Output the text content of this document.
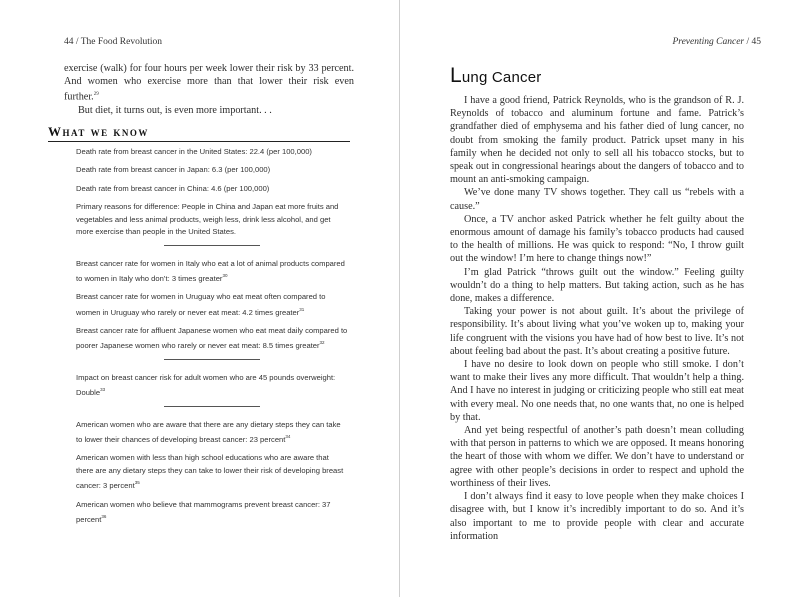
44 / The Food Revolution

exercise (walk) for four hours per week lower their risk by 33 percent. And women who exercise more than that lower their risk even further.$^{29}$

But diet, it turns out, is even more important. . .

What we know

Death rate from breast cancer in the United States: 22.4 (per 100,000)

Death rate from breast cancer in Japan: 6.3 (per 100,000)

Death rate from breast cancer in China: 4.6 (per 100,000)

Primary reasons for difference: People in China and Japan eat more fruits and vegetables and less animal products, weigh less, drink less alcohol, and get more exercise than people in the United States.

Breast cancer rate for women in Italy who eat a lot of animal products compared to women in Italy who don’t: 3 times greater$^{30}$

Breast cancer rate for women in Uruguay who eat meat often compared to women in Uruguay who rarely or never eat meat: 4.2 times greater$^{31}$

Breast cancer rate for affluent Japanese women who eat meat daily compared to poorer Japanese women who rarely or never eat meat: 8.5 times greater$^{32}$

Impact on breast cancer risk for adult women who are 45 pounds overweight: Double$^{33}$

American women who are aware that there are any dietary steps they can take to lower their chances of developing breast cancer: 23 percent$^{34}$

American women with less than high school educations who are aware that there are any dietary steps they can take to lower their risk of developing breast cancer: 3 percent$^{35}$

American women who believe that mammograms prevent breast cancer: 37 percent$^{36}$

Preventing Cancer / 45
Lung Cancer

I have a good friend, Patrick Reynolds, who is the grandson of R. J. Reynolds of tobacco and aluminum fortune and fame. Patrick’s grandfather died of emphysema and his father died of lung cancer, no doubt from smoking the family product. Patrick upset many in his family when he decided not only to sell all his tobacco stocks, but to speak out in congressional hearings about the dangers of tobacco and to mount an anti-smoking campaign.

We’ve done many TV shows together. They call us “rebels with a cause.”

Once, a TV anchor asked Patrick whether he felt guilty about the enormous amount of damage his family’s tobacco products had caused to the health of millions. He was quick to respond: “No, I throw guilt out the window! I’m here to change things now!”

I’m glad Patrick “throws guilt out the window.” Feeling guilty wouldn’t do a thing to help matters. But taking action, such as he has done, makes a difference.

Taking your power is not about guilt. It’s about the privilege of responsibility. It’s about living what you’ve woken up to, making your life congruent with the visions you have had of how best to live. It’s not about feeling bad about the past. It’s about creating a positive future.

I have no desire to look down on people who still smoke. I don’t want to make their lives any more difficult. That wouldn’t help a thing. And I have no interest in judging or criticizing people who still eat meat with every meal. No one needs that, no one wants that, no one is helped by that.

And yet being respectful of another’s path doesn’t mean colluding with that person in patterns to which we are opposed. It means honoring the heart of those with whom we differ. We don’t have to understand or agree with other people’s decisions in order to respect and uphold the worthiness of their lives.

I don’t always find it easy to love people when they make choices I disagree with, but I know it’s incredibly important to do so. And it’s also important to me to provide people with clear and accurate information
